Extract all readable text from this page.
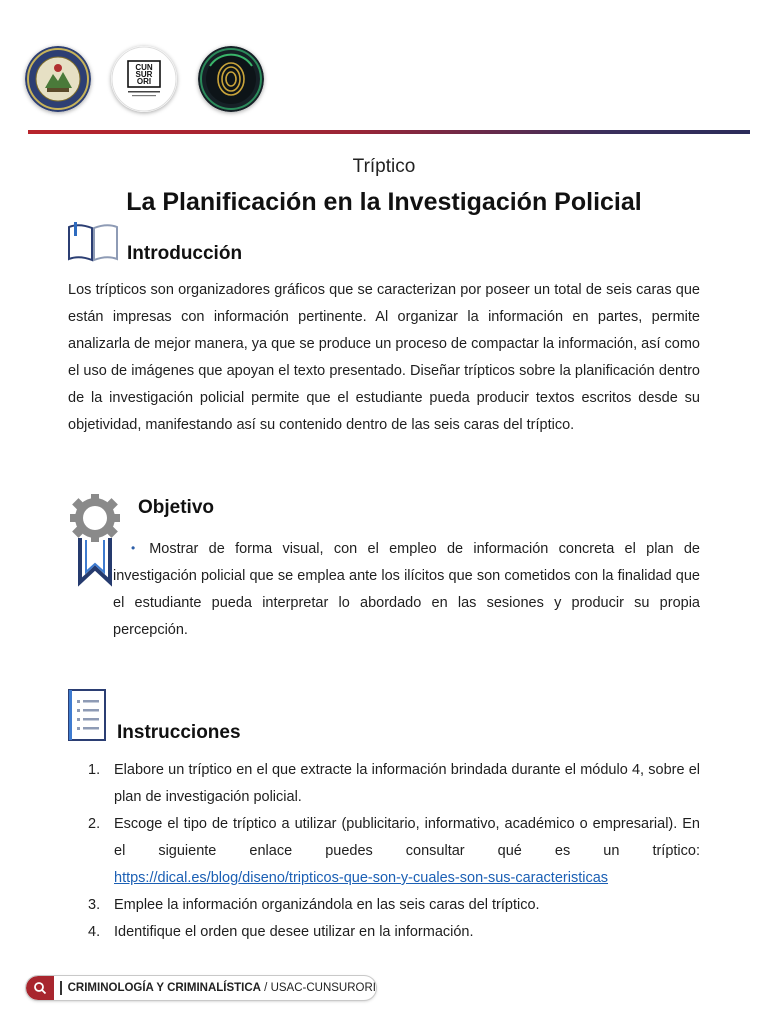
CUN
SUR
ORI
Tríptico
La Planificación en la Investigación Policial
Introducción

Los trípticos son organizadores gráficos que se caracterizan por poseer un total de seis caras que están impresas con información pertinente. Al organizar la información en partes, permite analizarla de mejor manera, ya que se produce un proceso de compactar la información, así como el uso de imágenes que apoyan el texto presentado. Diseñar trípticos sobre la planificación dentro de la investigación policial permite que el estudiante pueda producir textos escritos desde su objetividad, manifestando así su contenido dentro de las seis caras del tríptico.

Objetivo

• Mostrar de forma visual, con el empleo de información concreta el plan de investigación policial que se emplea ante los ilícitos que son cometidos con la finalidad que el estudiante pueda interpretar lo abordado en las sesiones y producir su propia percepción.

Instrucciones
1. Elabore un tríptico en el que extracte la información brindada durante el módulo 4, sobre el plan de investigación policial.
2. Escoge el tipo de tríptico a utilizar (publicitario, informativo, académico o empresarial). En el siguiente enlace puedes consultar qué es un tríptico: https://dical.es/blog/diseno/tripticos-que-son-y-cuales-son-sus-caracteristicas
3. Emplee la información organizándola en las seis caras del tríptico.
4. Identifique el orden que desee utilizar en la información.
CRIMINOLOGÍA Y CRIMINALÍSTICA / USAC-CUNSURORI
